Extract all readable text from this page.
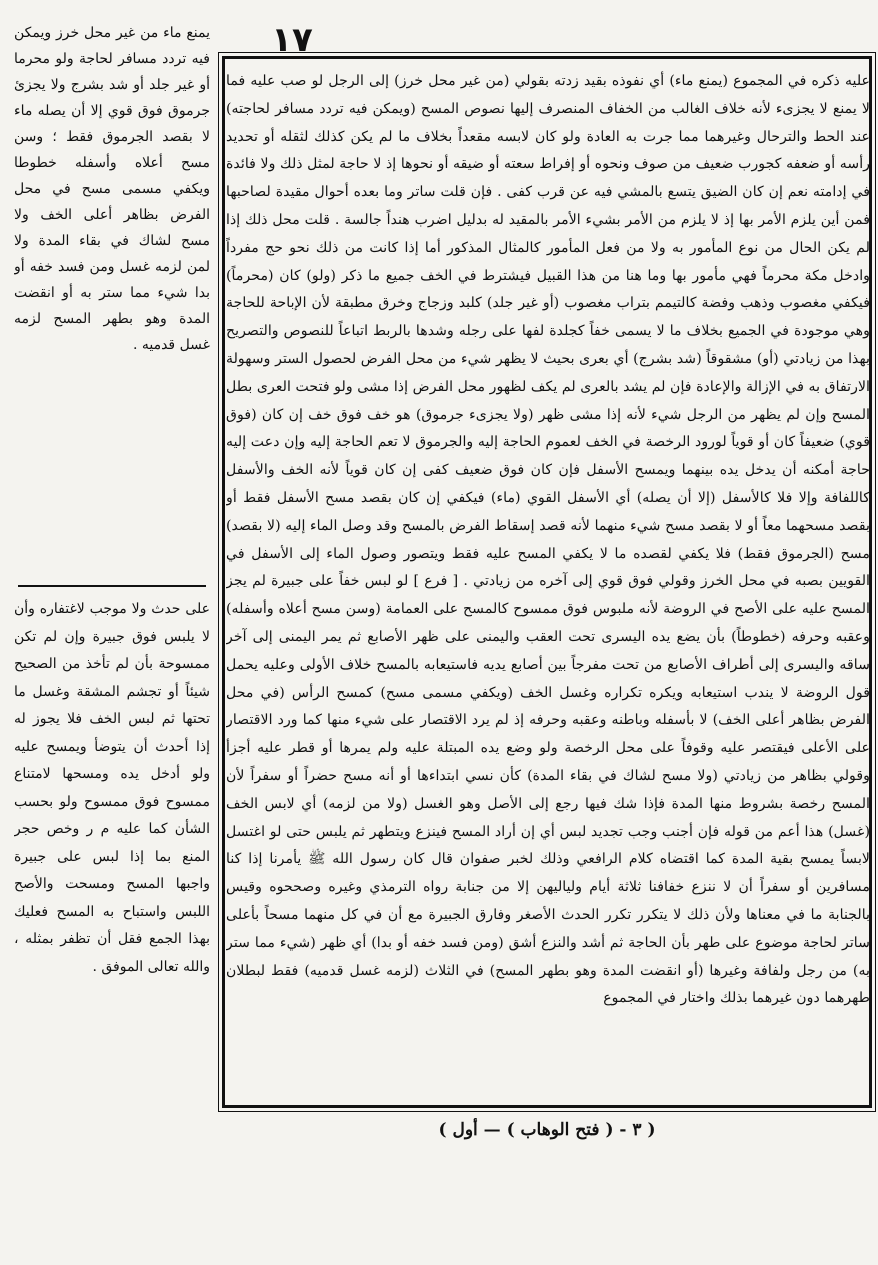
١٧

يمنع ماء من غير محل خرز ويمكن فيه تردد مسافر لحاجة ولو محرما أو غير جلد أو شد بشرج ولا يجزئ جرموق فوق قوي إلا أن يصله ماء لا بقصد الجرموق فقط ؛ وسن مسح أعلاه وأسفله خطوطا ويكفي مسمى مسح في محل الفرض بظاهر أعلى الخف ولا مسح لشاك في بقاء المدة ولا لمن لزمه غسل ومن فسد خفه أو بدا شيء مما ستر به أو انقضت المدة وهو بطهر المسح لزمه غسل قدميه .

على حدث ولا موجب لاغتفاره وأن لا يلبس فوق جبيرة وإن لم تكن ممسوحة بأن لم تأخذ من الصحيح شيئاً أو تجشم المشقة وغسل ما تحتها ثم لبس الخف فلا يجوز له إذا أحدث أن يتوضأ ويمسح عليه ولو أدخل يده ومسحها لامتناع ممسوح فوق ممسوح ولو بحسب الشأن كما عليه م ر وخص حجر المنع بما إذا لبس على جبيرة واجبها المسح ومسحت والأصح اللبس واستباح به المسح فعليك بهذا الجمع فقل أن تظفر بمثله ، والله تعالى الموفق .

عليه ذكره في المجموع (يمنع ماء) أي نفوذه بقيد زدته بقولي (من غير محل خرز) إلى الرجل لو صب عليه فما لا يمنع لا يجزىء لأنه خلاف الغالب من الخفاف المنصرف إليها نصوص المسح (ويمكن فيه تردد مسافر لحاجته) عند الحط والترحال وغيرهما مما جرت به العادة ولو كان لابسه مقعداً بخلاف ما لم يكن كذلك لثقله أو تحديد رأسه أو ضعفه كجورب ضعيف من صوف ونحوه أو إفراط سعته أو ضيقه أو نحوها إذ لا حاجة لمثل ذلك ولا فائدة في إدامته نعم إن كان الضيق يتسع بالمشي فيه عن قرب كفى . فإن قلت ساتر وما بعده أحوال مقيدة لصاحبها فمن أين يلزم الأمر بها إذ لا يلزم من الأمر بشيء الأمر بالمقيد له بدليل اضرب هنداً جالسة . قلت محل ذلك إذا لم يكن الحال من نوع المأمور به ولا من فعل المأمور كالمثال المذكور أما إذا كانت من ذلك نحو حج مفرداً وادخل مكة محرماً فهي مأمور بها وما هنا من هذا القبيل فيشترط في الخف جميع ما ذكر (ولو) كان (محرماً) فيكفي مغصوب وذهب وفضة كالتيمم بتراب مغصوب (أو غير جلد) كلبد وزجاج وخرق مطبقة لأن الإباحة للحاجة وهي موجودة في الجميع بخلاف ما لا يسمى خفاً كجلدة لفها على رجله وشدها بالربط اتباعاً للنصوص والتصريح بهذا من زيادتي (أو) مشقوقاً (شد بشرج) أي بعرى بحيث لا يظهر شيء من محل الفرض لحصول الستر وسهولة الارتفاق به في الإزالة والإعادة فإن لم يشد بالعرى لم يكف لظهور محل الفرض إذا مشى ولو فتحت العرى بطل المسح وإن لم يظهر من الرجل شيء لأنه إذا مشى ظهر (ولا يجزىء جرموق) هو خف فوق خف إن كان (فوق قوي) ضعيفاً كان أو قوياً لورود الرخصة في الخف لعموم الحاجة إليه والجرموق لا تعم الحاجة إليه وإن دعت إليه حاجة أمكنه أن يدخل يده بينهما ويمسح الأسفل فإن كان فوق ضعيف كفى إن كان قوياً لأنه الخف والأسفل كاللفافة وإلا فلا كالأسفل (إلا أن يصله) أي الأسفل القوي (ماء) فيكفي إن كان بقصد مسح الأسفل فقط أو بقصد مسحهما معاً أو لا بقصد مسح شيء منهما لأنه قصد إسقاط الفرض بالمسح وقد وصل الماء إليه (لا بقصد) مسح (الجرموق فقط) فلا يكفي لقصده ما لا يكفي المسح عليه فقط ويتصور وصول الماء إلى الأسفل في القويين بصبه في محل الخرز وقولي فوق قوي إلى آخره من زيادتي . [ فرع ] لو لبس خفاً على جبيرة لم يجز المسح عليه على الأصح في الروضة لأنه ملبوس فوق ممسوح كالمسح على العمامة (وسن مسح أعلاه وأسفله) وعقبه وحرفه (خطوطاً) بأن يضع يده اليسرى تحت العقب واليمنى على ظهر الأصابع ثم يمر اليمنى إلى آخر ساقه واليسرى إلى أطراف الأصابع من تحت مفرجاً بين أصابع يديه فاستيعابه بالمسح خلاف الأولى وعليه يحمل قول الروضة لا يندب استيعابه ويكره تكراره وغسل الخف (ويكفي مسمى مسح) كمسح الرأس (في محل الفرض بظاهر أعلى الخف) لا بأسفله وباطنه وعقبه وحرفه إذ لم يرد الاقتصار على شيء منها كما ورد الاقتصار على الأعلى فيقتصر عليه وقوفاً على محل الرخصة ولو وضع يده المبتلة عليه ولم يمرها أو قطر عليه أجزأ وقولي بظاهر من زيادتي (ولا مسح لشاك في بقاء المدة) كأن نسي ابتداءها أو أنه مسح حضراً أو سفراً لأن المسح رخصة بشروط منها المدة فإذا شك فيها رجع إلى الأصل وهو الغسل (ولا من لزمه) أي لابس الخف (غسل) هذا أعم من قوله فإن أجنب وجب تجديد لبس أي إن أراد المسح فينزع ويتطهر ثم يلبس حتى لو اغتسل لابساً يمسح بقية المدة كما اقتضاه كلام الرافعي وذلك لخبر صفوان قال كان رسول الله ﷺ يأمرنا إذا كنا مسافرين أو سفراً أن لا ننزع خفافنا ثلاثة أيام ولياليهن إلا من جنابة رواه الترمذي وغيره وصححوه وقيس بالجنابة ما في معناها ولأن ذلك لا يتكرر تكرر الحدث الأصغر وفارق الجبيرة مع أن في كل منهما مسحاً بأعلى ساتر لحاجة موضوع على طهر بأن الحاجة ثم أشد والنزع أشق (ومن فسد خفه أو بدا) أي ظهر (شيء مما ستر به) من رجل ولفافة وغيرها (أو انقضت المدة وهو بطهر المسح) في الثلاث (لزمه غسل قدميه) فقط لبطلان طهرهما دون غيرهما بذلك واختار في المجموع

( ٣ - ( فتح الوهاب ) — أول )
